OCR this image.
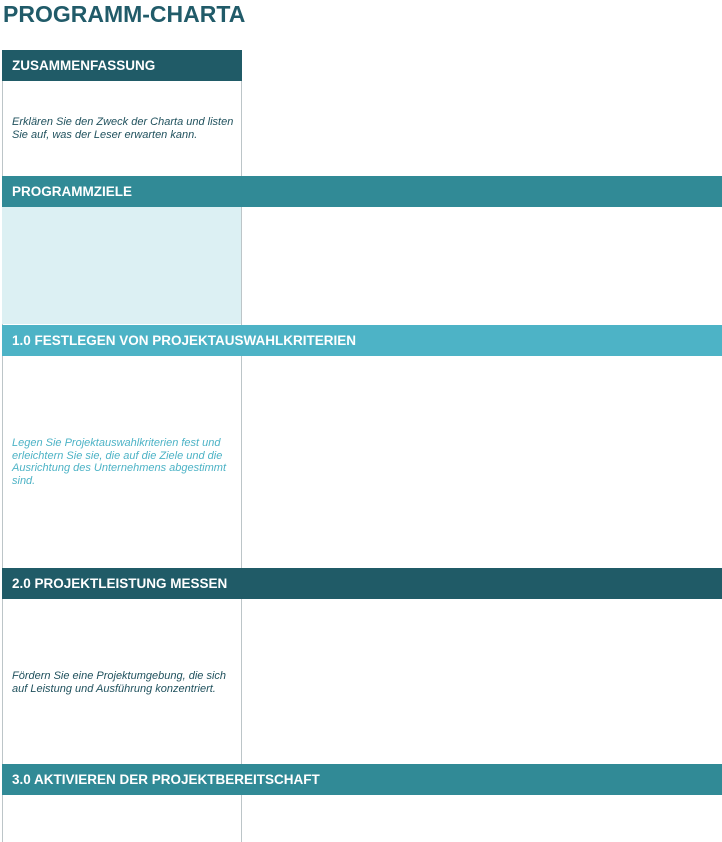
PROGRAMM-CHARTA
ZUSAMMENFASSUNG
Erklären Sie den Zweck der Charta und listen Sie auf, was der Leser erwarten kann.
PROGRAMMZIELE
1.0 FESTLEGEN VON PROJEKTAUSWAHLKRITERIEN
Legen Sie Projektauswahlkriterien fest und erleichtern Sie sie, die auf die Ziele und die Ausrichtung des Unternehmens abgestimmt sind.
2.0 PROJEKTLEISTUNG MESSEN
Fördern Sie eine Projektumgebung, die sich auf Leistung und Ausführung konzentriert.
3.0 AKTIVIEREN DER PROJEKTBEREITSCHAFT
